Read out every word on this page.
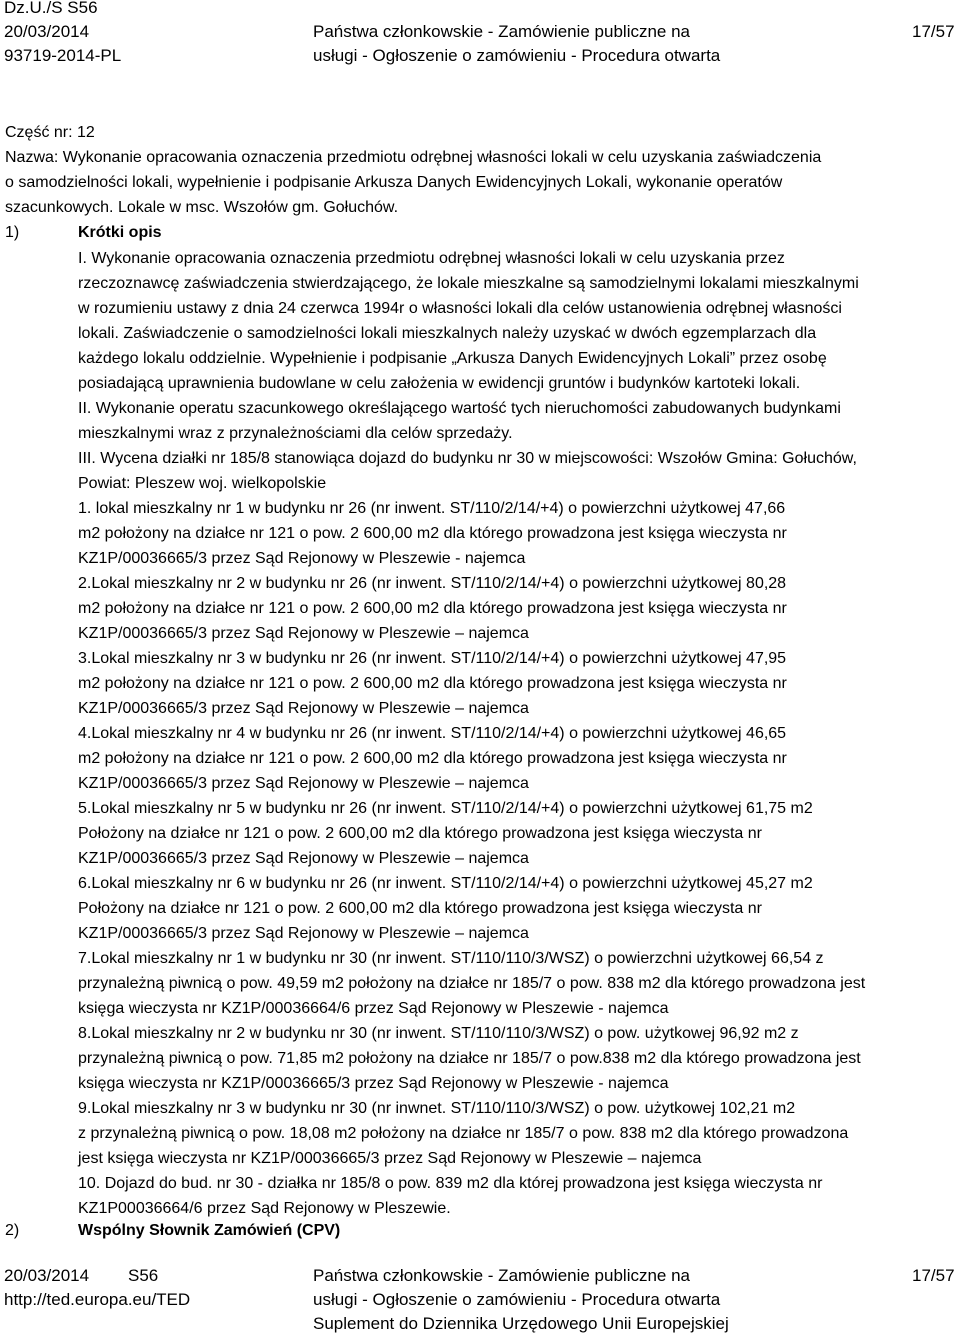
Dz.U./S S56
20/03/2014
93719-2014-PL
Państwa członkowskie - Zamówienie publiczne na
usługi - Ogłoszenie o zamówieniu - Procedura otwarta
17/57
Część nr: 12
Nazwa: Wykonanie opracowania oznaczenia przedmiotu odrębnej własności lokali w celu uzyskania zaświadczenia
o samodzielności lokali, wypełnienie i podpisanie Arkusza Danych Ewidencyjnych Lokali, wykonanie operatów
szacunkowych. Lokale w msc. Wszołów gm. Gołuchów.
1)	Krótki opis
I. Wykonanie opracowania oznaczenia przedmiotu odrębnej własności lokali w celu uzyskania przez
rzeczoznawcę zaświadczenia stwierdzającego, że lokale mieszkalne są samodzielnymi lokalami mieszkalnymi
w rozumieniu ustawy z dnia 24 czerwca 1994r o własności lokali dla celów ustanowienia odrębnej własności
lokali. Zaświadczenie o samodzielności lokali mieszkalnych należy uzyskać w dwóch egzemplarzach dla
każdego lokalu oddzielnie. Wypełnienie i podpisanie „Arkusza Danych Ewidencyjnych Lokali” przez osobę
posiadającą uprawnienia budowlane w celu założenia w ewidencji gruntów i budynków kartoteki lokali.
II. Wykonanie operatu szacunkowego określającego wartość tych nieruchomości zabudowanych budynkami
mieszkalnymi wraz z przynależnościami dla celów sprzedaży.
III. Wycena działki nr 185/8 stanowiąca dojazd do budynku nr 30 w miejscowości: Wszołów Gmina: Gołuchów,
Powiat: Pleszew woj. wielkopolskie
1. lokal mieszkalny nr 1 w budynku nr 26 (nr inwent. ST/110/2/14/+4) o powierzchni użytkowej 47,66
m2 położony na działce nr 121 o pow. 2 600,00 m2 dla którego prowadzona jest księga wieczysta nr
KZ1P/00036665/3 przez Sąd Rejonowy w Pleszewie - najemca
2.Lokal mieszkalny nr 2 w budynku nr 26 (nr inwent. ST/110/2/14/+4) o powierzchni użytkowej 80,28
m2 położony na działce nr 121 o pow. 2 600,00 m2 dla którego prowadzona jest księga wieczysta nr
KZ1P/00036665/3 przez Sąd Rejonowy w Pleszewie – najemca
3.Lokal mieszkalny nr 3 w budynku nr 26 (nr inwent. ST/110/2/14/+4) o powierzchni użytkowej 47,95
m2 położony na działce nr 121 o pow. 2 600,00 m2 dla którego prowadzona jest księga wieczysta nr
KZ1P/00036665/3 przez Sąd Rejonowy w Pleszewie – najemca
4.Lokal mieszkalny nr 4 w budynku nr 26 (nr inwent. ST/110/2/14/+4) o powierzchni użytkowej 46,65
m2 położony na działce nr 121 o pow. 2 600,00 m2 dla którego prowadzona jest księga wieczysta nr
KZ1P/00036665/3 przez Sąd Rejonowy w Pleszewie – najemca
5.Lokal mieszkalny nr 5 w budynku nr 26 (nr inwent. ST/110/2/14/+4) o powierzchni użytkowej 61,75 m2
Położony na działce nr 121 o pow. 2 600,00 m2 dla którego prowadzona jest księga wieczysta nr
KZ1P/00036665/3 przez Sąd Rejonowy w Pleszewie – najemca
6.Lokal mieszkalny nr 6 w budynku nr 26 (nr inwent. ST/110/2/14/+4) o powierzchni użytkowej 45,27 m2
Położony na działce nr 121 o pow. 2 600,00 m2 dla którego prowadzona jest księga wieczysta nr
KZ1P/00036665/3 przez Sąd Rejonowy w Pleszewie – najemca
7.Lokal mieszkalny nr 1 w budynku nr 30 (nr inwent. ST/110/110/3/WSZ) o powierzchni użytkowej 66,54 z
przynależną piwnicą o pow. 49,59 m2 położony na działce nr 185/7 o pow. 838 m2 dla którego prowadzona jest
księga wieczysta nr KZ1P/00036664/6 przez Sąd Rejonowy w Pleszewie - najemca
8.Lokal mieszkalny nr 2 w budynku nr 30 (nr inwent. ST/110/110/3/WSZ) o pow. użytkowej 96,92 m2 z
przynależną piwnicą o pow. 71,85 m2 położony na działce nr 185/7 o pow.838 m2 dla którego prowadzona jest
księga wieczysta nr KZ1P/00036665/3 przez Sąd Rejonowy w Pleszewie - najemca
9.Lokal mieszkalny nr 3 w budynku nr 30 (nr inwnet. ST/110/110/3/WSZ) o pow. użytkowej 102,21 m2
z przynależną piwnicą o pow. 18,08 m2 położony na działce nr 185/7 o pow. 838 m2 dla którego prowadzona
jest księga wieczysta nr KZ1P/00036665/3 przez Sąd Rejonowy w Pleszewie – najemca
10. Dojazd do bud. nr 30 - działka nr 185/8 o pow. 839 m2 dla której prowadzona jest księga wieczysta nr
KZ1P00036664/6 przez Sąd Rejonowy w Pleszewie.
2)	Wspólny Słownik Zamówień (CPV)
20/03/2014 S56
http://ted.europa.eu/TED
Państwa członkowskie - Zamówienie publiczne na
usługi - Ogłoszenie o zamówieniu - Procedura otwarta
Suplement do Dziennika Urzędowego Unii Europejskiej
17/57
